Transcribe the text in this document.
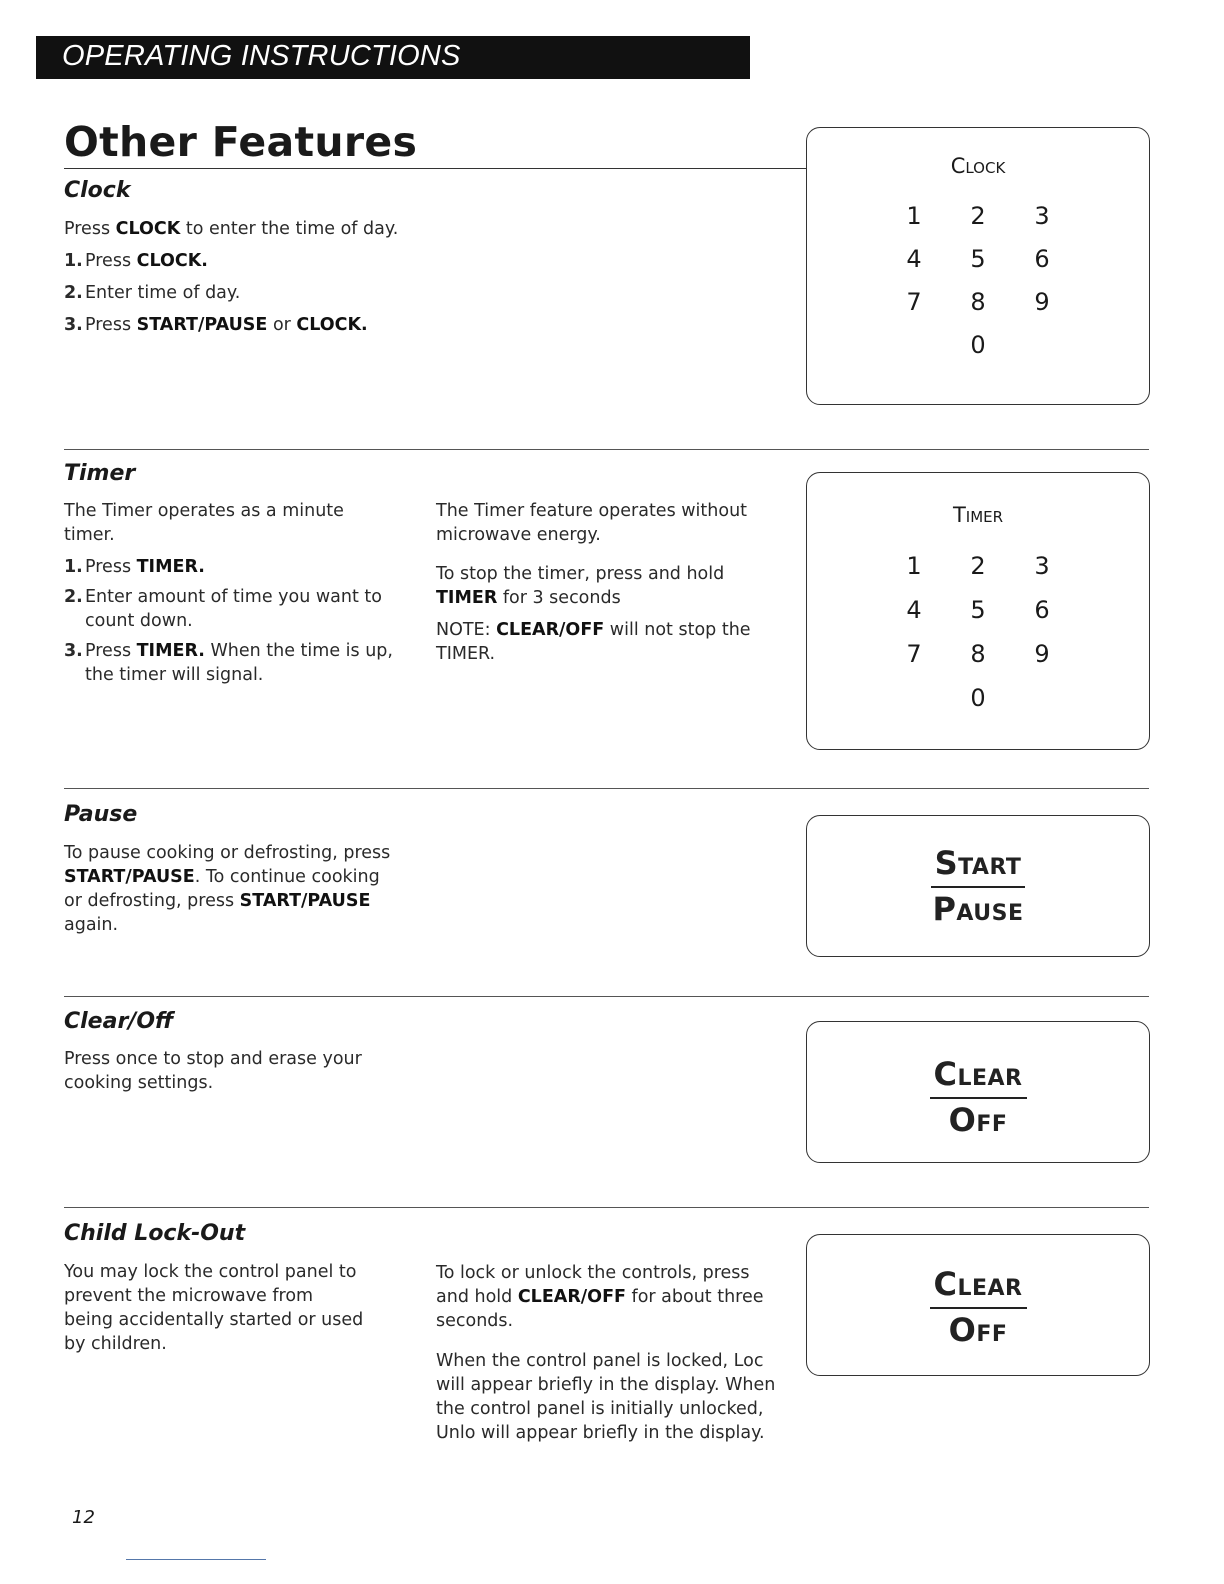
OPERATING INSTRUCTIONS
Other Features
Clock
Press CLOCK to enter the time of day.
1. Press CLOCK.
2. Enter time of day.
3. Press START/PAUSE or CLOCK.
Clock
1	2	3
4	5	6
7	8	9
0
Timer
The Timer operates as a minute timer.
1. Press TIMER.
2. Enter amount of time you want to count down.
3. Press TIMER. When the time is up, the timer will signal.
The Timer feature operates without microwave energy.
To stop the timer, press and hold TIMER for 3 seconds
NOTE: CLEAR/OFF will not stop the TIMER.
Timer
1	2	3
4	5	6
7	8	9
0
Pause
To pause cooking or defrosting, press START/PAUSE. To continue cooking or defrosting, press START/PAUSE again.
Start
Pause
Clear/Off
Press once to stop and erase your cooking settings.	Clear
Off
Child Lock-Out
You may lock the control panel to prevent the microwave from being accidentally started or used by children.
To lock or unlock the controls, press and hold CLEAR/OFF for about three seconds.
When the control panel is locked, Loc will appear briefly in the display. When the control panel is initially unlocked, Unlo will appear briefly in the display.
Clear
Off
12
